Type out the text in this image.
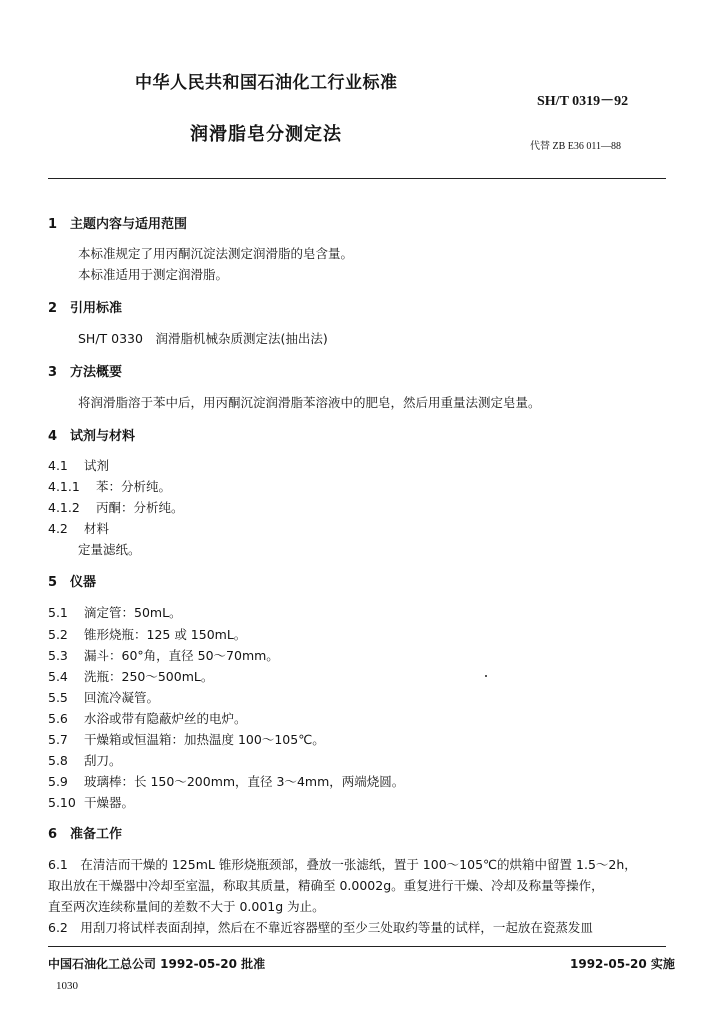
中华人民共和国石油化工行业标准
SH/T 0319－92
润滑脂皂分测定法
代替 ZB E36 011—88
1 主题内容与适用范围
本标准规定了用丙酮沉淀法测定润滑脂的皂含量。
本标准适用于测定润滑脂。
2 引用标准
SH/T 0330　润滑脂机械杂质测定法(抽出法)
3 方法概要
将润滑脂溶于苯中后，用丙酮沉淀润滑脂苯溶液中的肥皂，然后用重量法测定皂量。
4 试剂与材料
4.1 试剂
4.1.1 苯：分析纯。
4.1.2 丙酮：分析纯。
4.2 材料
定量滤纸。
5 仪器
5.1 滴定管：50mL。
5.2 锥形烧瓶：125 或 150mL。
5.3 漏斗：60°角，直径 50～70mm。
5.4 洗瓶：250～500mL。
5.5 回流冷凝管。
5.6 水浴或带有隐蔽炉丝的电炉。
5.7 干燥箱或恒温箱：加热温度 100～105℃。
5.8 刮刀。
5.9 玻璃棒：长 150～200mm，直径 3～4mm，两端烧圆。
5.10 干燥器。
6 准备工作
6.1　在清洁而干燥的 125mL 锥形烧瓶颈部，叠放一张滤纸，置于 100～105℃的烘箱中留置 1.5～2h，
取出放在干燥器中冷却至室温，称取其质量，精确至 0.0002g。重复进行干燥、冷却及称量等操作，
直至两次连续称量间的差数不大于 0.001g 为止。
6.2　用刮刀将试样表面刮掉，然后在不靠近容器壁的至少三处取约等量的试样，一起放在瓷蒸发皿
中国石油化工总公司 1992-05-20 批准	1992-05-20 实施
1030
